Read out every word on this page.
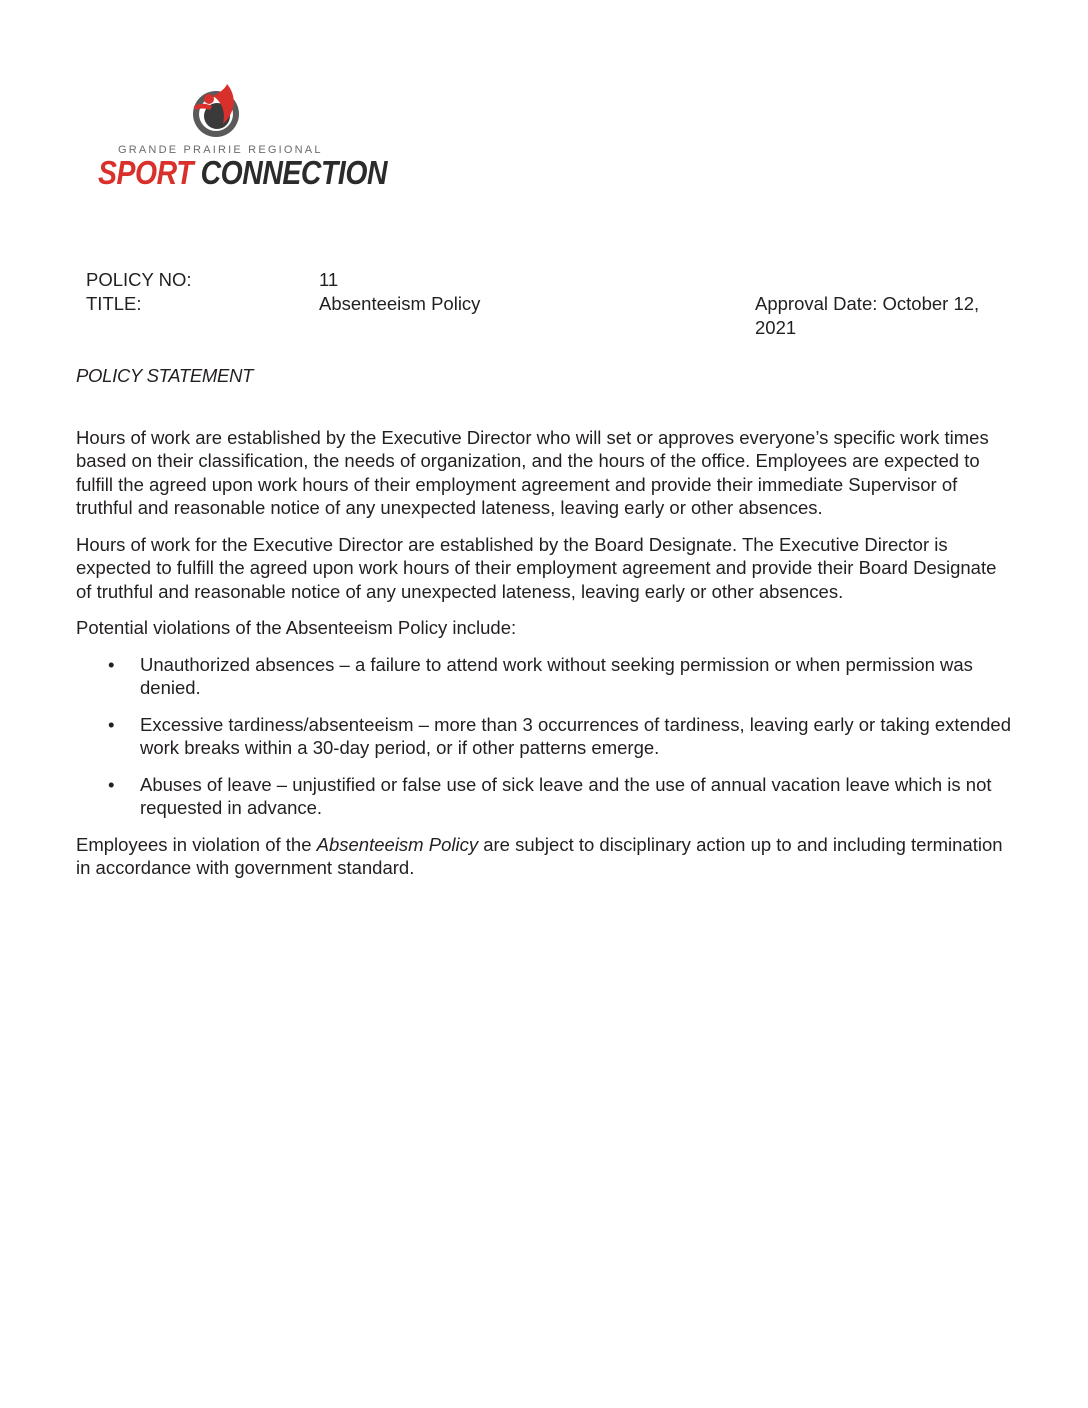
GRANDE PRAIRIE REGIONAL
SPORT CONNECTION
POLICY NO:	11
TITLE:	Absenteeism Policy	Approval Date: October 12, 2021

POLICY STATEMENT

Hours of work are established by the Executive Director who will set or approves everyone’s specific work times based on their classification, the needs of organization, and the hours of the office. Employees are expected to fulfill the agreed upon work hours of their employment agreement and provide their immediate Supervisor of truthful and reasonable notice of any unexpected lateness, leaving early or other absences.

Hours of work for the Executive Director are established by the Board Designate. The Executive Director is expected to fulfill the agreed upon work hours of their employment agreement and provide their Board Designate of truthful and reasonable notice of any unexpected lateness, leaving early or other absences.

Potential violations of the Absenteeism Policy include:

• Unauthorized absences – a failure to attend work without seeking permission or when permission was denied.
• Excessive tardiness/absenteeism – more than 3 occurrences of tardiness, leaving early or taking extended work breaks within a 30-day period, or if other patterns emerge.
• Abuses of leave – unjustified or false use of sick leave and the use of annual vacation leave which is not requested in advance.

Employees in violation of the Absenteeism Policy are subject to disciplinary action up to and including termination in accordance with government standard.
